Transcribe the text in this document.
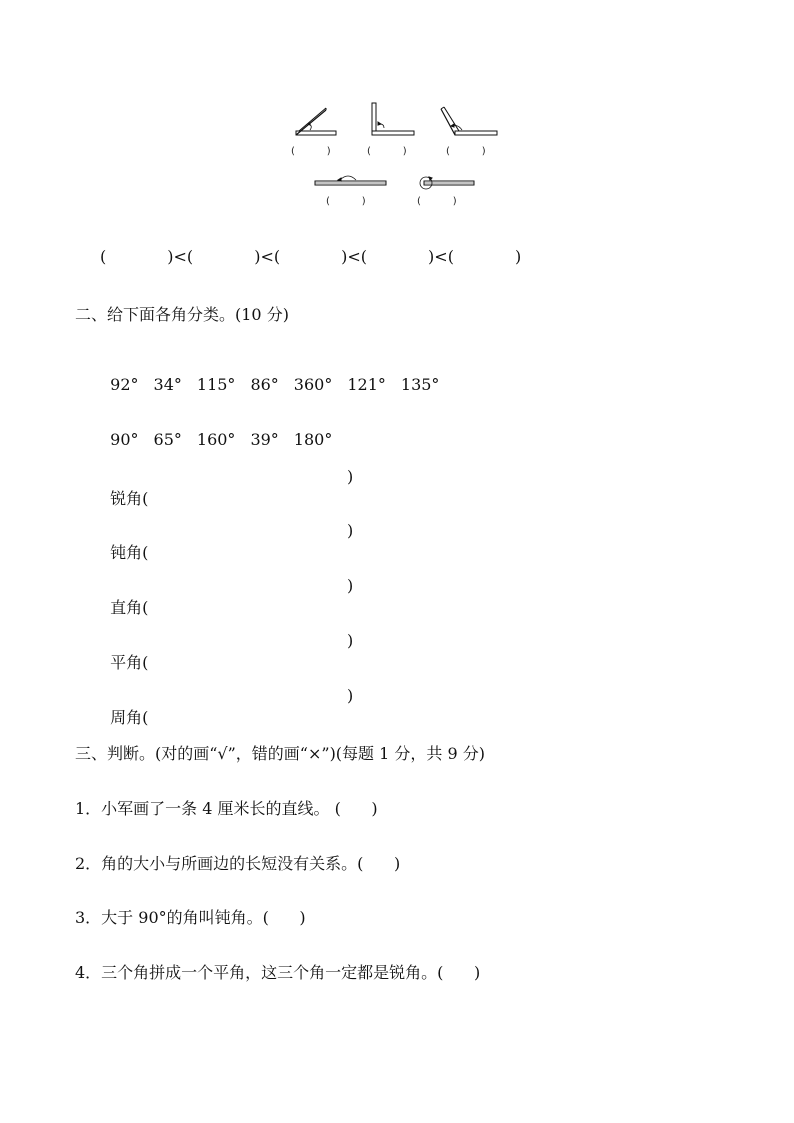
(          )	(          )	(          )
(          )	(          )
(            )<(            )<(            )<(            )<(            )
二、给下面各角分类。(10 分)

92° 34° 115° 86° 360° 121° 135°

90° 65° 160° 39° 180°

锐角(
)

钝角(
)

直角(
)

平角(
)

周角(
)

三、判断。(对的画“√”，错的画“×”)(每题 1 分，共 9 分)
1．小军画了一条 4 厘米长的直线。 (      )
2．角的大小与所画边的长短没有关系。(      )
3．大于 90°的角叫钝角。(      )
4．三个角拼成一个平角，这三个角一定都是锐角。(      )
